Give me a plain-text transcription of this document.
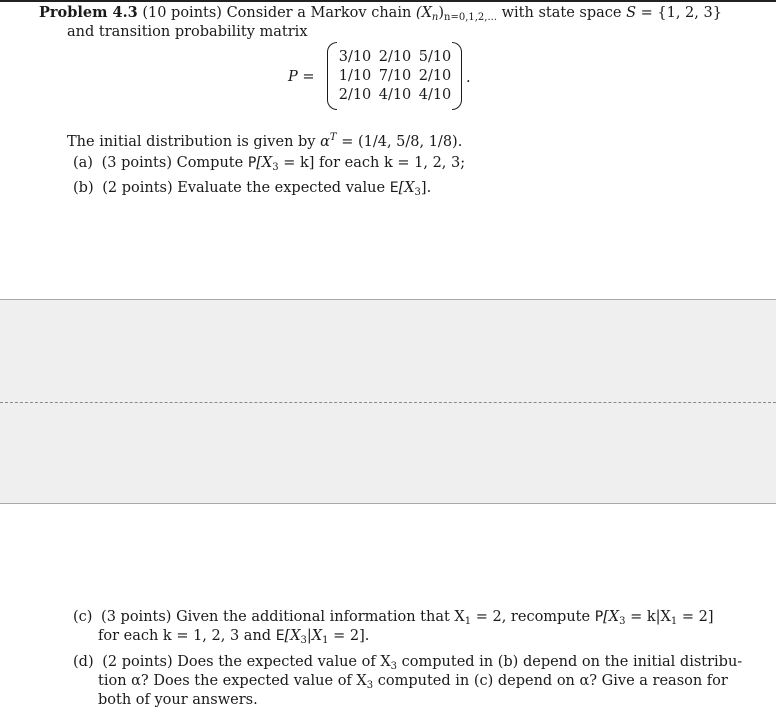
Problem 4.3 (10 points) Consider a Markov chain $(X_n)_{n=0,1,2,...}$ with state space S = {1, 2, 3}
and transition probability matrix
P =
3/10 2/10 5/10
1/10 7/10 2/10
2/10 4/10 4/10
.
The initial distribution is given by $\alpha^T = (1/4$, 5/8, 1/8).
(a) (3 points) Compute $P[X_3 = k]$ for each k = 1, 2, 3;
(b) (2 points) Evaluate the expected value $E[X_3]$.
(c) (3 points) Given the additional information that $X_1 = 2$, recompute $P[X_3 = k|X_1 = 2]$
for each k = 1, 2, 3 and $E[X_3|X_1 = 2]$.
(d) (2 points) Does the expected value of $X_3$ computed in (b) depend on the initial distribu-
tion α? Does the expected value of $X_3$ computed in (c) depend on α? Give a reason for
both of your answers.
